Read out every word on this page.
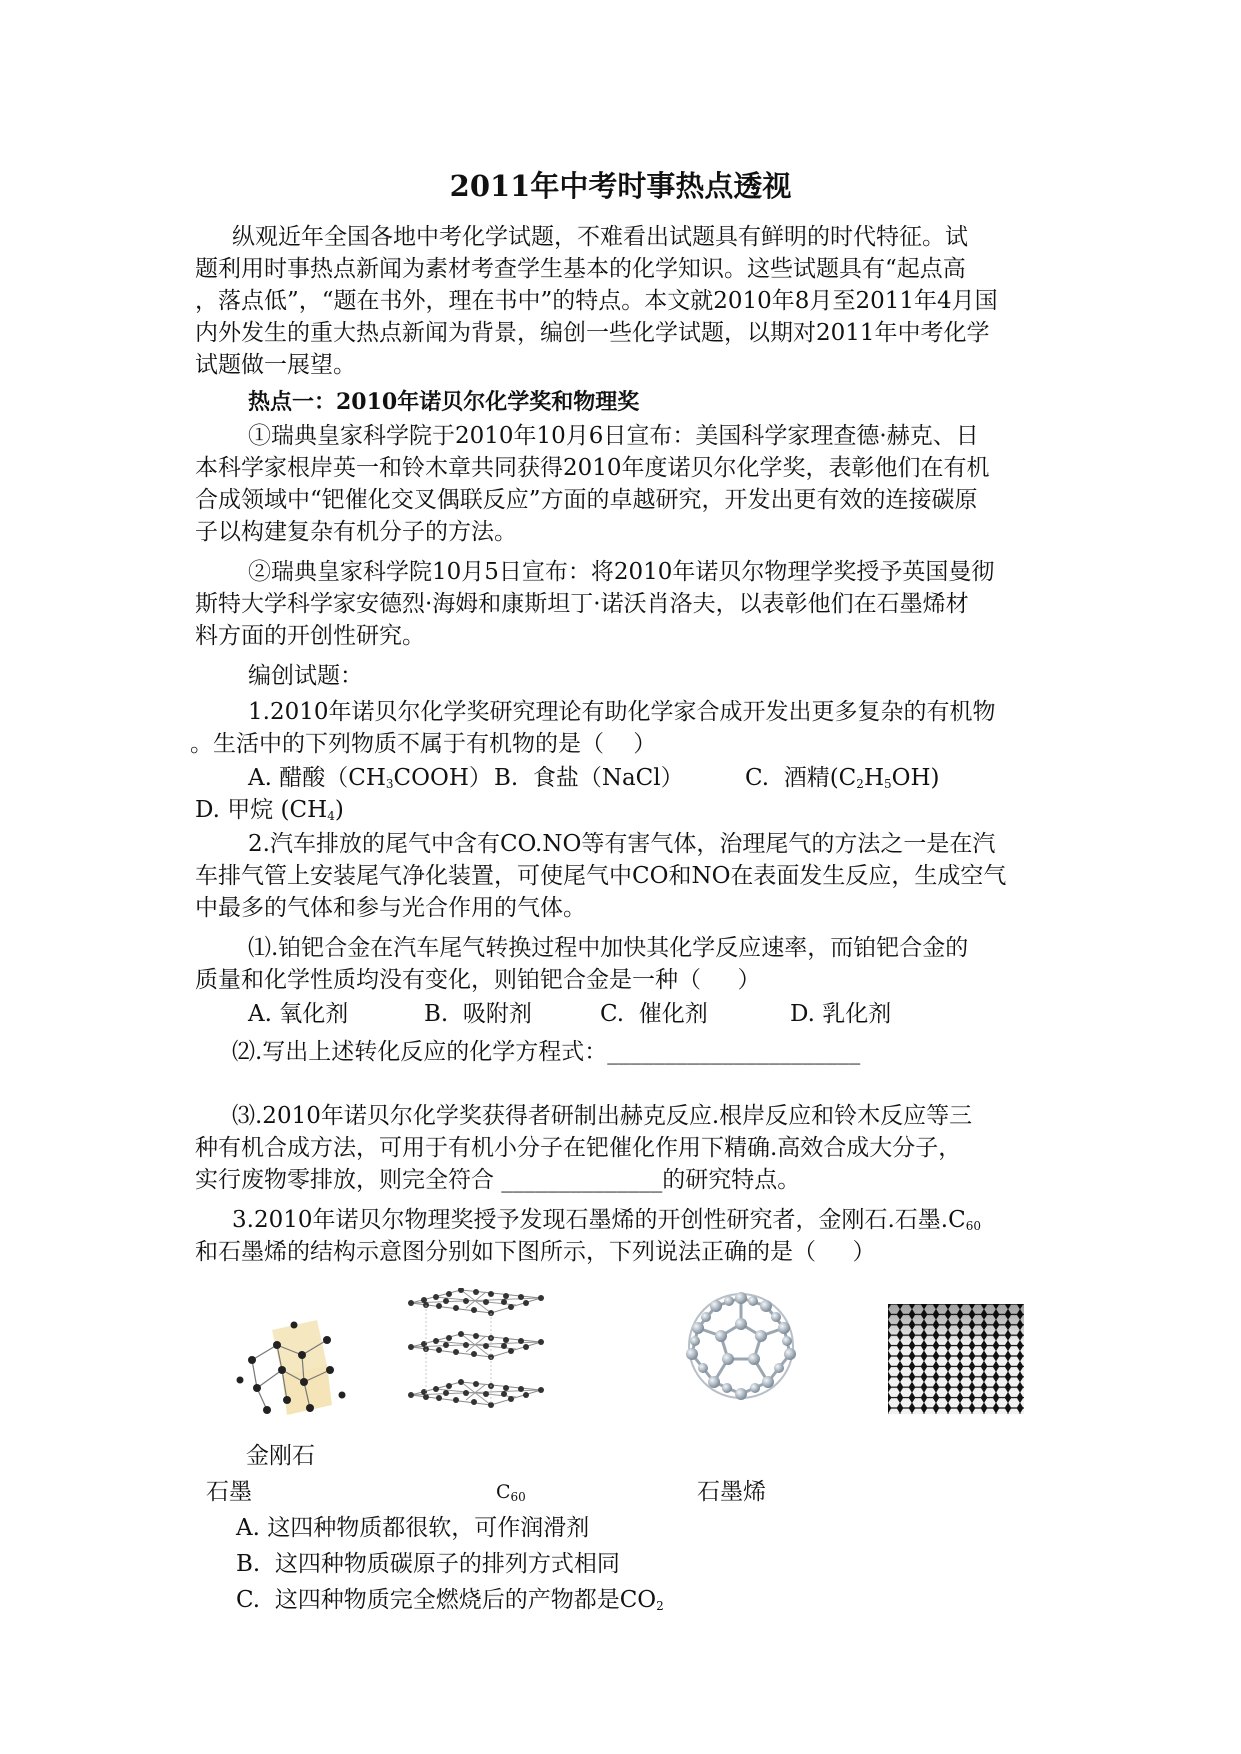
2011年中考时事热点透视
纵观近年全国各地中考化学试题，不难看出试题具有鲜明的时代特征。试
题利用时事热点新闻为素材考查学生基本的化学知识。这些试题具有“起点高
，落点低”，“题在书外，理在书中”的特点。本文就2010年8月至2011年4月国
内外发生的重大热点新闻为背景，编创一些化学试题，以期对2011年中考化学
试题做一展望。
热点一：2010年诺贝尔化学奖和物理奖
①瑞典皇家科学院于2010年10月6日宣布：美国科学家理查德·赫克、日
本科学家根岸英一和铃木章共同获得2010年度诺贝尔化学奖，表彰他们在有机
合成领域中“钯催化交叉偶联反应”方面的卓越研究，开发出更有效的连接碳原
子以构建复杂有机分子的方法。
②瑞典皇家科学院10月5日宣布：将2010年诺贝尔物理学奖授予英国曼彻
斯特大学科学家安德烈·海姆和康斯坦丁·诺沃肖洛夫，以表彰他们在石墨烯材
料方面的开创性研究。
编创试题：
1.2010年诺贝尔化学奖研究理论有助化学家合成开发出更多复杂的有机物
。生活中的下列物质不属于有机物的是（    ）
A. 醋酸$(CH_3COOH)$ B.  食盐（NaCl）	C.  酒精$(C_2H_5OH)$
D. 甲烷 $(CH_4)$
2.汽车排放的尾气中含有CO.NO等有害气体，治理尾气的方法之一是在汽
车排气管上安装尾气净化装置，可使尾气中CO和NO在表面发生反应，生成空气
中最多的气体和参与光合作用的气体。
⑴.铂钯合金在汽车尾气转换过程中加快其化学反应速率，而铂钯合金的
质量和化学性质均没有变化，则铂钯合金是一种（     ）
A. 氧化剂	B.  吸附剂	C.  催化剂	D. 乳化剂
⑵.写出上述转化反应的化学方程式：______________________
⑶.2010年诺贝尔化学奖获得者研制出赫克反应.根岸反应和铃木反应等三
种有机合成方法，可用于有机小分子在钯催化作用下精确.高效合成大分子，
实行废物零排放，则完全符合 ______________的研究特点。
3.2010年诺贝尔物理奖授予发现石墨烯的开创性研究者，金刚石.石墨$.C_{60}$
和石墨烯的结构示意图分别如下图所示，下列说法正确的是（     ）
金刚石
石墨	$C_{60}$	石墨烯
A. 这四种物质都很软，可作润滑剂
B.  这四种物质碳原子的排列方式相同
C.  这四种物质完全燃烧后的产物都是$CO_2$
